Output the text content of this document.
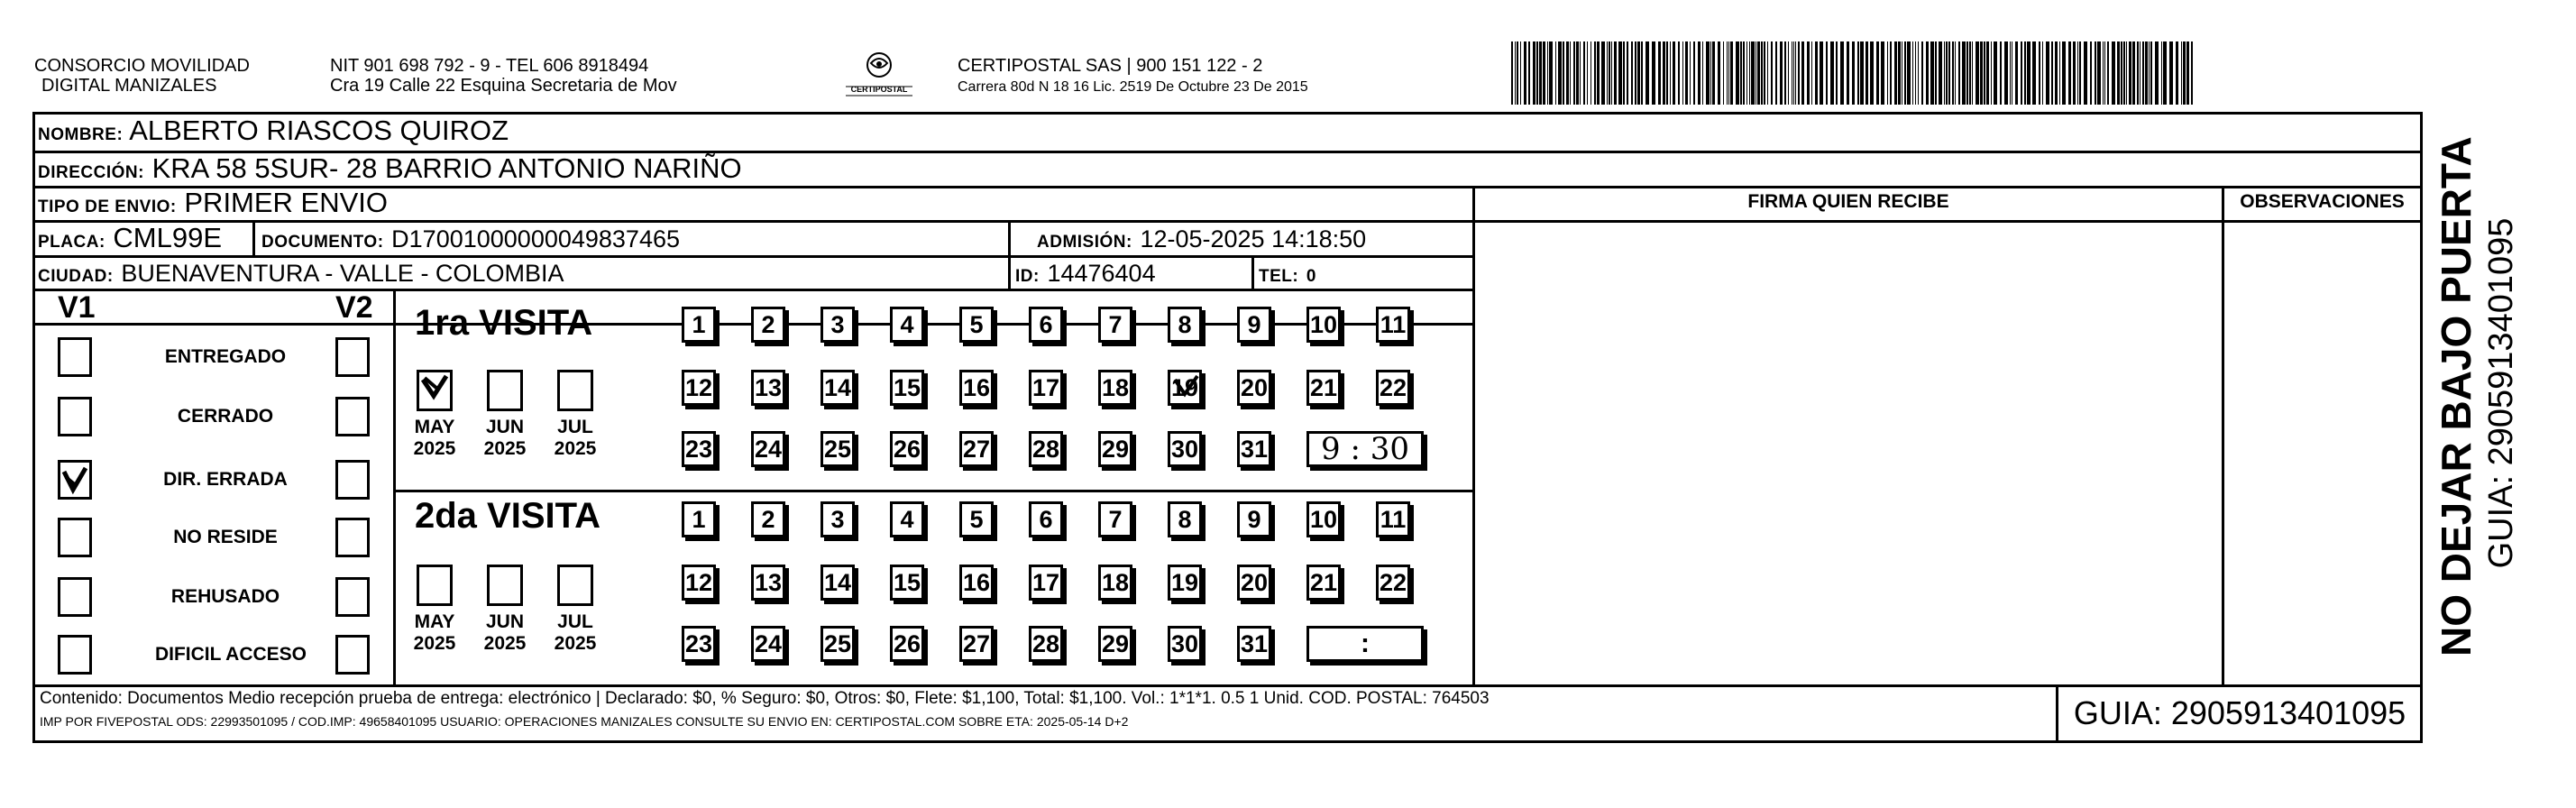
CONSORCIO MOVILIDAD
DIGITAL MANIZALES
NIT 901 698 792 - 9 - TEL 606 8918494
Cra 19 Calle 22 Esquina Secretaria de Mov	CERTIPOSTAL
CERTIPOSTAL SAS | 900 151 122 - 2
Carrera 80d N 18 16 Lic. 2519 De Octubre 23 De 2015
NOMBRE: ALBERTO RIASCOS QUIROZ
DIRECCIÓN: KRA 58 5SUR- 28 BARRIO ANTONIO NARIÑO
TIPO DE ENVIO: PRIMER ENVIO	FIRMA QUIEN RECIBE	OBSERVACIONES
PLACA: CML99E DOCUMENTO: D17001000000049837465	ADMISIÓN: 12-05-2025 14:18:50
CIUDAD: BUENAVENTURA - VALLE - COLOMBIA	ID: 14476404	TEL: 0
V1	V2
ENTREGADO
CERRADO
DIR. ERRADA
NO RESIDE
REHUSADO
DIFICIL ACCESO
1ra VISITA
2da VISITA
MAY
2025
JUN
2025
JUL
2025
MAY
2025
JUN
2025
JUL
2025
1	2	3	4	5	6	7	8	9	10 11
12 13 14 15 16 17 18 19 20 21 22
23 24 25 26 27 28 29 30 31	9 : 30
1	2	3	4	5	6	7	8	9	10 11
12 13 14 15 16 17 18 19 20 21 22
23 24 25 26 27 28 29 30 31	:	NO DEJAR BAJO PUERTA GUIA: 2905913401095
Contenido: Documentos Medio recepción prueba de entrega: electrónico | Declarado: $0, % Seguro: $0, Otros: $0, Flete: $1,100, Total: $1,100. Vol.: 1*1*1. 0.5 1 Unid. COD. POSTAL: 764503
IMP POR FIVEPOSTAL ODS: 22993501095 / COD.IMP: 49658401095 USUARIO: OPERACIONES MANIZALES CONSULTE SU ENVIO EN: CERTIPOSTAL.COM SOBRE ETA: 2025-05-14 D+2	GUIA: 2905913401095
